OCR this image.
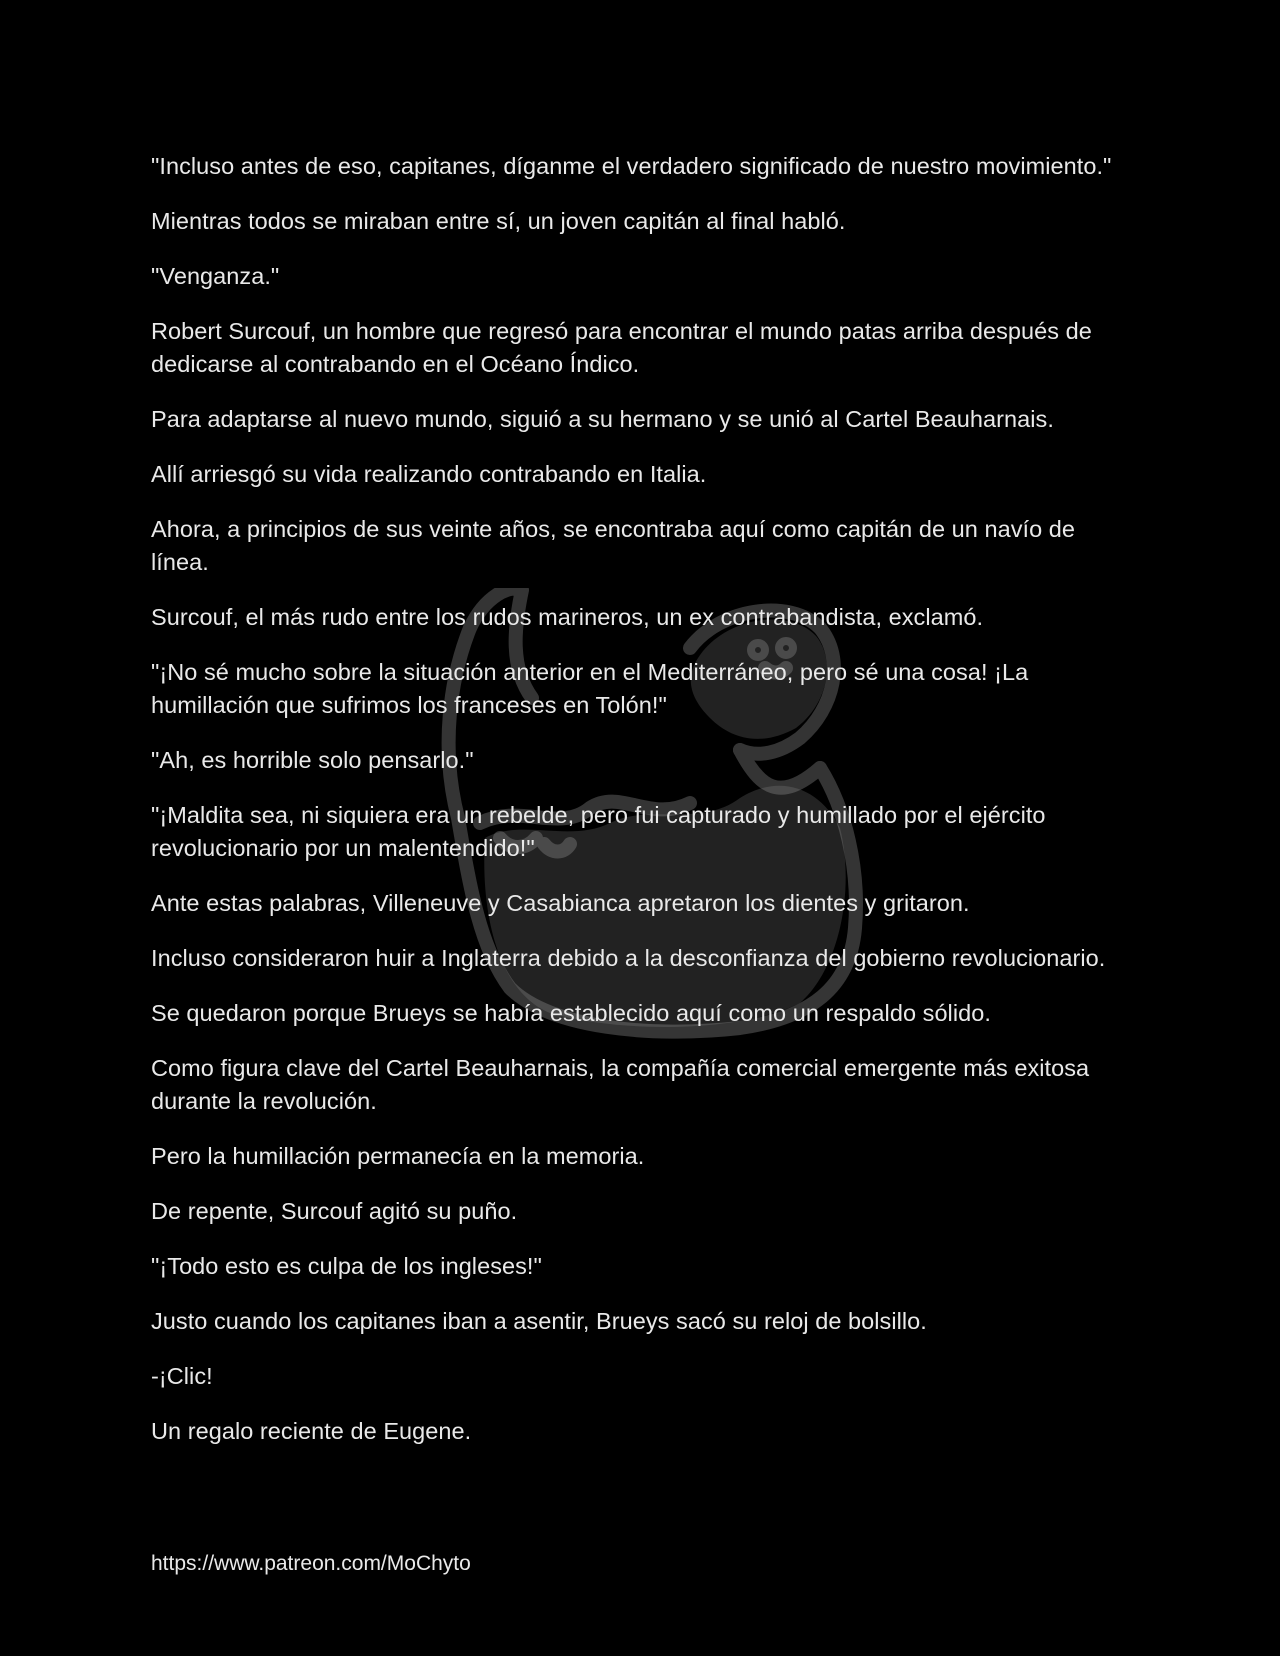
"Incluso antes de eso, capitanes, díganme el verdadero significado de nuestro movimiento."

Mientras todos se miraban entre sí, un joven capitán al final habló.

"Venganza."

Robert Surcouf, un hombre que regresó para encontrar el mundo patas arriba después de dedicarse al contrabando en el Océano Índico.

Para adaptarse al nuevo mundo, siguió a su hermano y se unió al Cartel Beauharnais.

Allí arriesgó su vida realizando contrabando en Italia.

Ahora, a principios de sus veinte años, se encontraba aquí como capitán de un navío de línea.

Surcouf, el más rudo entre los rudos marineros, un ex contrabandista, exclamó.

"¡No sé mucho sobre la situación anterior en el Mediterráneo, pero sé una cosa! ¡La humillación que sufrimos los franceses en Tolón!"

"Ah, es horrible solo pensarlo."

"¡Maldita sea, ni siquiera era un rebelde, pero fui capturado y humillado por el ejército revolucionario por un malentendido!"

Ante estas palabras, Villeneuve y Casabianca apretaron los dientes y gritaron.

Incluso consideraron huir a Inglaterra debido a la desconfianza del gobierno revolucionario.

Se quedaron porque Brueys se había establecido aquí como un respaldo sólido.

Como figura clave del Cartel Beauharnais, la compañía comercial emergente más exitosa durante la revolución.

Pero la humillación permanecía en la memoria.

De repente, Surcouf agitó su puño.

"¡Todo esto es culpa de los ingleses!"

Justo cuando los capitanes iban a asentir, Brueys sacó su reloj de bolsillo.

-¡Clic!

Un regalo reciente de Eugene.

https://www.patreon.com/MoChyto
